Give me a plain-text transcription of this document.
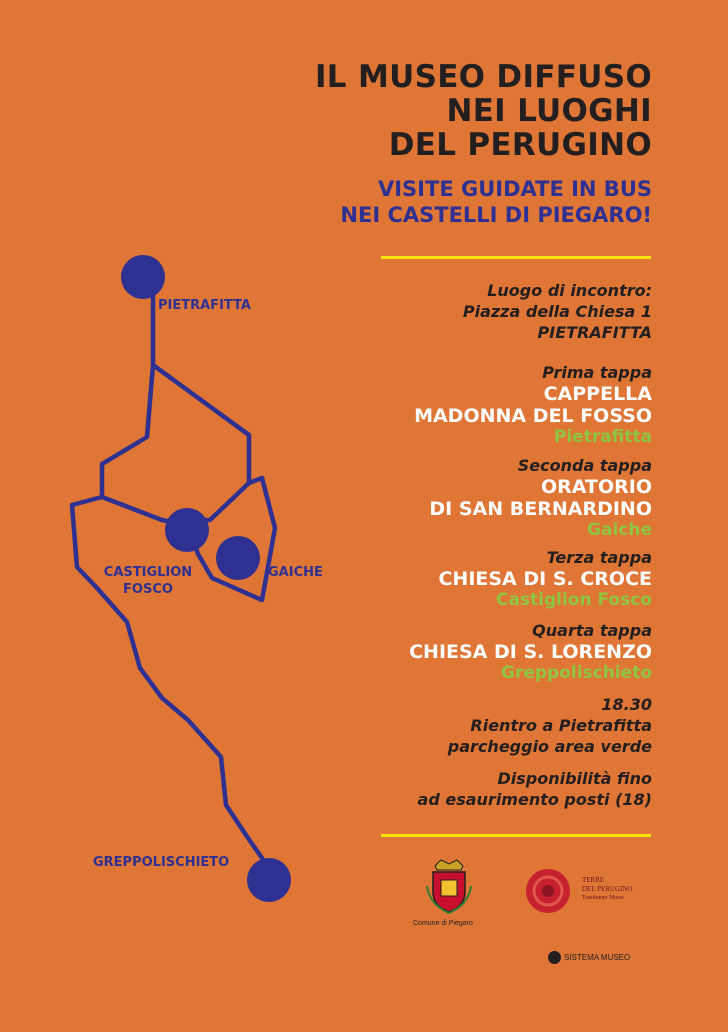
PIETRAFITTA
CASTIGLION
FOSCO
GAICHE
GREPPOLISCHIETO
IL MUSEO DIFFUSO
NEI LUOGHI
DEL PERUGINO
VISITE GUIDATE IN BUS
NEI CASTELLI DI PIEGARO!
Luogo di incontro:
Piazza della Chiesa 1
PIETRAFITTA
Prima tappa
CAPPELLA
MADONNA DEL FOSSO
Pietrafitta
Seconda tappa
ORATORIO
DI SAN BERNARDINO
Gaiche
Terza tappa
CHIESA DI S. CROCE
Castiglion Fosco
Quarta tappa
CHIESA DI S. LORENZO
Greppolischieto
18.30
Rientro a Pietrafitta
parcheggio area verde
Disponibilità fino
ad esaurimento posti (18)
Comune di Piegaro
TERRE
DEL PERUGINO
Trasimeno Musei
SISTEMA MUSEO
